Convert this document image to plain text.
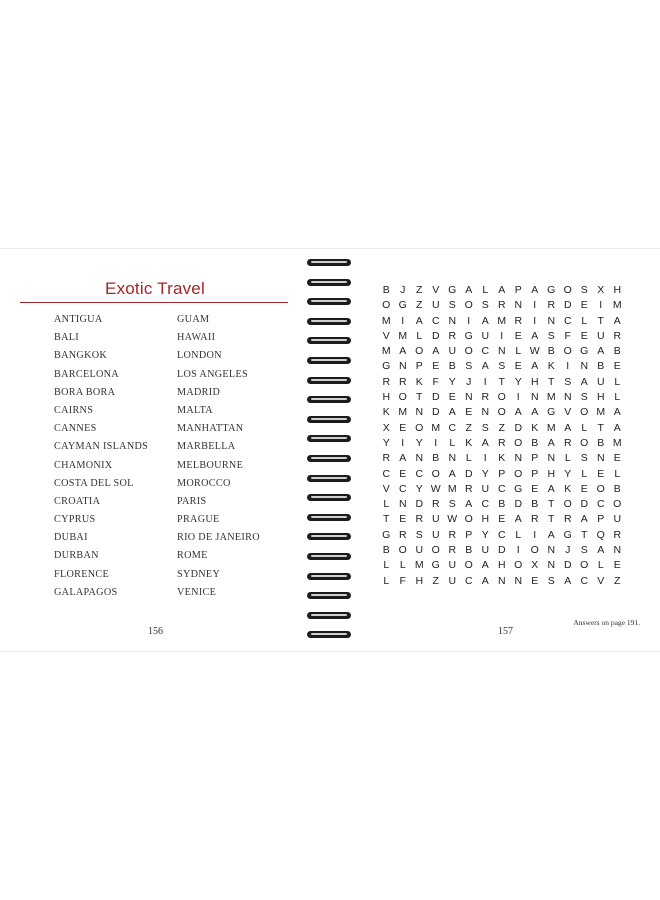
Exotic Travel
ANTIGUA
BALI
BANGKOK
BARCELONA
BORA BORA
CAIRNS
CANNES
CAYMAN ISLANDS
CHAMONIX
COSTA DEL SOL
CROATIA
CYPRUS
DUBAI
DURBAN
FLORENCE
GALAPAGOS
GUAM
HAWAII
LONDON
LOS ANGELES
MADRID
MALTA
MANHATTAN
MARBELLA
MELBOURNE
MOROCCO
PARIS
PRAGUE
RIO DE JANEIRO
ROME
SYDNEY
VENICE
156
B J	Z V G A L A P A G O S X H
O G Z U S O S R N	I	R D E	I	M
M	I	A C N	I	A M R	I	N C L T A
V M L D R G U	I	E A S F E U R
M A O A U O C N L W B O G A B
G N P E B S A S E A K	I	N B E
R R K F Y J	I	T Y H T S A U L
H O T D E N R O	I	N M N S H L
K M N D A E N O A A G V O M A
X E O M C Z S Z D K M A L T A
Y	I	Y	I	L K A R O B A R O B M
R A N B N L	I	K N P N L S N E
C E C O A D Y P O P H Y L E L
V C Y W M R U C G E A K E O B
L N D R S A C B D B T O D C O
T E R U W O H E A R T R A P U
G R S U R P Y C L	I	A G T Q R
B O U O R B U D	I	O N J S A N
L	L M G U O A H O X N D O L E
L F H Z U C A N N E S A C V Z
Answers on page 191.
157
